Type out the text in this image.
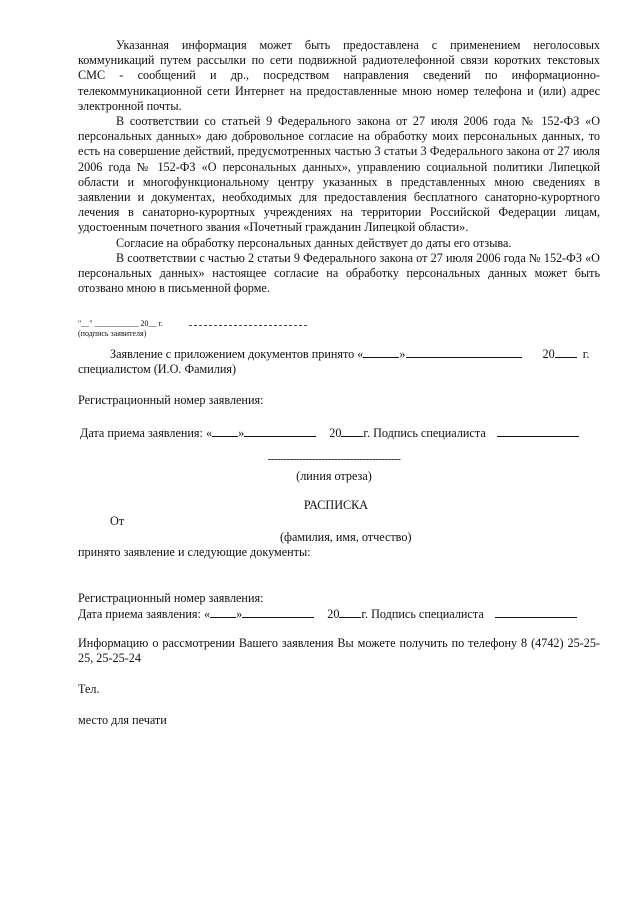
Указанная информация может быть предоставлена с применением неголосовых коммуникаций путем рассылки по сети подвижной радиотелефонной связи коротких текстовых СМС - сообщений и др., посредством направления сведений по информационно-телекоммуникационной сети Интернет на предоставленные мною номер телефона и (или) адрес электронной почты.

В соответствии со статьей 9 Федерального закона от 27 июля 2006 года № 152-ФЗ «О персональных данных» даю добровольное согласие на обработку моих персональных данных, то есть на совершение действий, предусмотренных частью 3 статьи 3 Федерального закона от 27 июля 2006 года № 152-ФЗ «О персональных данных», управлению социальной политики Липецкой области и многофункциональному центру указанных в представленных мною сведениях в заявлении и документах, необходимых для предоставления бесплатного санаторно-курортного лечения в санаторно-курортных учреждениях на территории Российской Федерации лицам, удостоенным почетного звания «Почетный гражданин Липецкой области».

Согласие на обработку персональных данных действует до даты его отзыва.

В соответствии с частью 2 статьи 9 Федерального закона от 27 июля 2006 года № 152-ФЗ «О персональных данных» настоящее согласие на обработку персональных данных может быть отозвано мною в письменной форме.

"__" ___________ 20__ г.
(подпись заявителя)
Заявление с приложением документов принято «	»	20 г.
специалистом (И.О. Фамилия)
Регистрационный номер заявления:
Дата приема заявления: « »	20 г. Подпись специалиста
------------------------------------------
(линия отреза)
РАСПИСКА
От
(фамилия, имя, отчество)
принято заявление и следующие документы:
Регистрационный номер заявления:
Дата приема заявления: « »	20 г. Подпись специалиста

Информацию о рассмотрении Вашего заявления Вы можете получить по телефону 8 (4742) 25-25-25, 25-25-24

Тел.
место для печати
